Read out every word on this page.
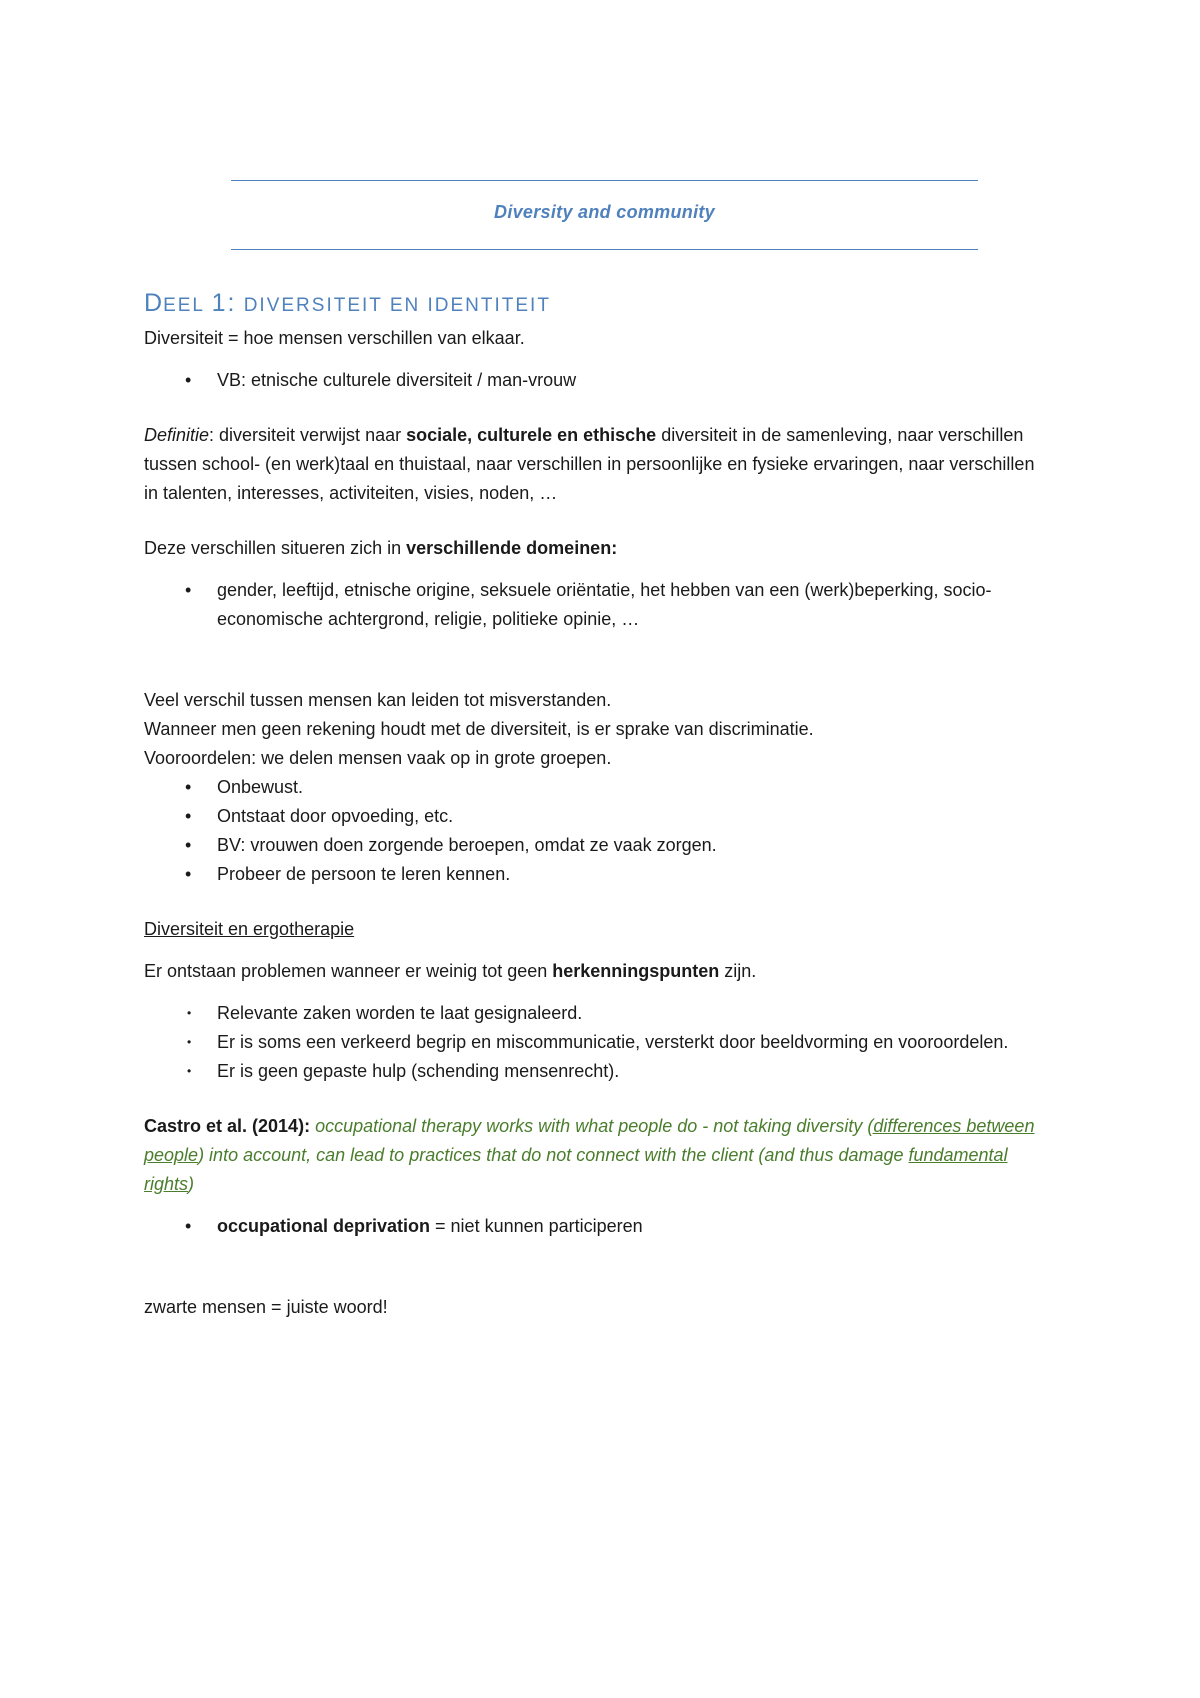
Diversity and community
DEEL 1: DIVERSITEIT EN IDENTITEIT

Diversiteit = hoe mensen verschillen van elkaar.

• VB: etnische culturele diversiteit / man-vrouw

Definitie: diversiteit verwijst naar sociale, culturele en ethische diversiteit in de samenleving, naar verschillen tussen school- (en werk)taal en thuistaal, naar verschillen in persoonlijke en fysieke ervaringen, naar verschillen in talenten, interesses, activiteiten, visies, noden, …

Deze verschillen situeren zich in verschillende domeinen:

• gender, leeftijd, etnische origine, seksuele oriëntatie, het hebben van een (werk)beperking, socio-economische achtergrond, religie, politieke opinie, …

Veel verschil tussen mensen kan leiden tot misverstanden.

Wanneer men geen rekening houdt met de diversiteit, is er sprake van discriminatie.

Vooroordelen: we delen mensen vaak op in grote groepen.

• Onbewust.
• Ontstaat door opvoeding, etc.
• BV: vrouwen doen zorgende beroepen, omdat ze vaak zorgen.
• Probeer de persoon te leren kennen.

Diversiteit en ergotherapie

Er ontstaan problemen wanneer er weinig tot geen herkenningspunten zijn.

• Relevante zaken worden te laat gesignaleerd.
• Er is soms een verkeerd begrip en miscommunicatie, versterkt door beeldvorming en vooroordelen.
• Er is geen gepaste hulp (schending mensenrecht).

Castro et al. (2014): occupational therapy works with what people do - not taking diversity (differences between people) into account, can lead to practices that do not connect with the client (and thus damage fundamental rights)

• occupational deprivation = niet kunnen participeren

zwarte mensen = juiste woord!
